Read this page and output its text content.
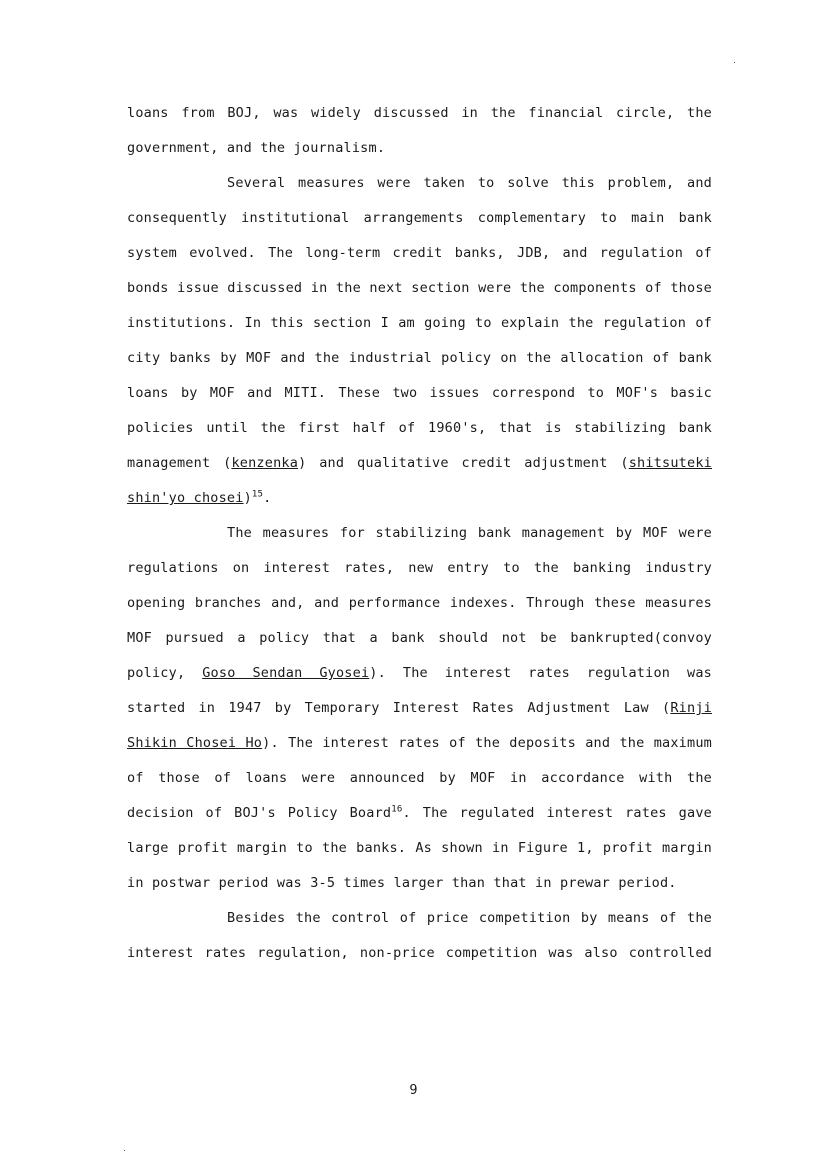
loans from BOJ, was widely discussed in the financial circle, the
government, and the journalism.
Several measures were taken to solve this problem, and
consequently institutional arrangements complementary to main bank
system evolved. The long-term credit banks, JDB, and regulation of
bonds issue discussed in the next section were the components of those
institutions. In this section I am going to explain the regulation of
city banks by MOF and the industrial policy on the allocation of bank
loans by MOF and MITI. These two issues correspond to MOF's basic
policies until the first half of 1960's, that is stabilizing bank
management (kenzenka) and qualitative credit adjustment (shitsuteki
shin'yo chosei)$^{15}$.
The measures for stabilizing bank management by MOF were
regulations on interest rates, new entry to the banking industry
opening branches and, and performance indexes. Through these measures
MOF pursued a policy that a bank should not be bankrupted(convoy
policy, Goso Sendan Gyosei). The interest rates regulation was
started in 1947 by Temporary Interest Rates Adjustment Law (Rinji
Shikin Chosei Ho). The interest rates of the deposits and the maximum
of those of loans were announced by MOF in accordance with the
decision of BOJ's Policy Board$^{16}$. The regulated interest rates gave
large profit margin to the banks. As shown in Figure 1, profit margin
in postwar period was 3-5 times larger than that in prewar period.
Besides the control of price competition by means of the
interest rates regulation, non-price competition was also controlled
9
